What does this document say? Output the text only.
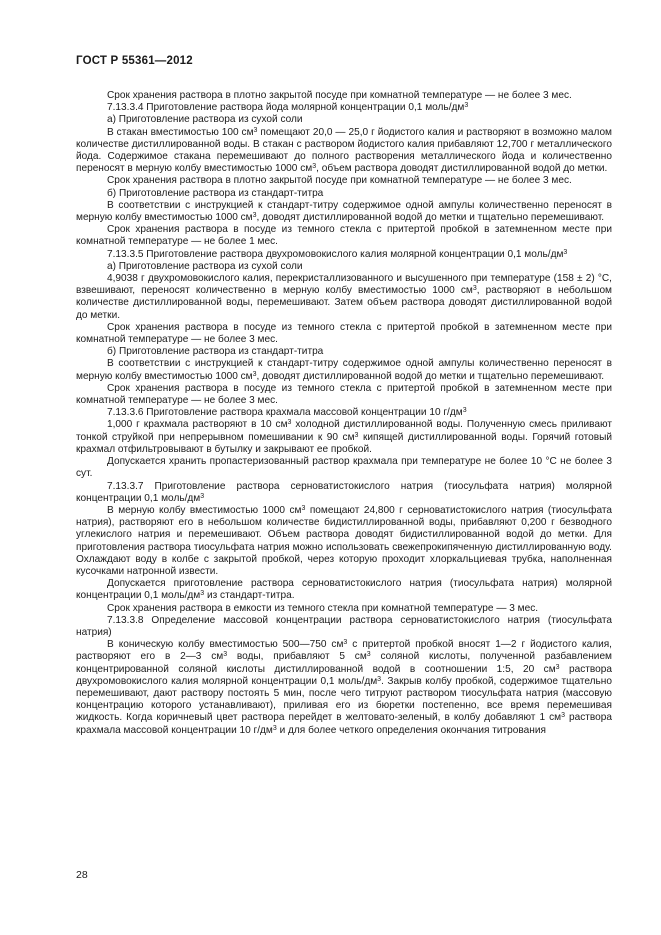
ГОСТ Р 55361—2012

Срок хранения раствора в плотно закрытой посуде при комнатной температуре — не более 3 мес.

7.13.3.4 Приготовление раствора йода молярной концентрации 0,1 моль/$дм^3$

а) Приготовление раствора из сухой соли

В стакан вместимостью 100 $см^3$ помещают 20,0 — 25,0 г йодистого калия и растворяют в возможно малом количестве дистиллированной воды. В стакан с раствором йодистого калия прибавляют 12,700 г металлического йода. Содержимое стакана перемешивают до полного растворения металлического йода и количественно переносят в мерную колбу вместимостью 1000 $см^3$, объем раствора доводят дистиллированной водой до метки.

Срок хранения раствора в плотно закрытой посуде при комнатной температуре — не более 3 мес.

б) Приготовление раствора из стандарт-титра

В соответствии с инструкцией к стандарт-титру содержимое одной ампулы количественно переносят в мерную колбу вместимостью 1000 $см^3$, доводят дистиллированной водой до метки и тщательно перемешивают.

Срок хранения раствора в посуде из темного стекла с притертой пробкой в затемненном месте при комнатной температуре — не более 1 мес.

7.13.3.5 Приготовление раствора двухромовокислого калия молярной концентрации 0,1 моль/$дм^3$

а) Приготовление раствора из сухой соли

4,9038 г двухромовокислого калия, перекристаллизованного и высушенного при температуре (158 ± 2) °С, взвешивают, переносят количественно в мерную колбу вместимостью 1000 $см^3$, растворяют в небольшом количестве дистиллированной воды, перемешивают. Затем объем раствора доводят дистиллированной водой до метки.

Срок хранения раствора в посуде из темного стекла с притертой пробкой в затемненном месте при комнатной температуре — не более 3 мес.

б) Приготовление раствора из стандарт-титра

В соответствии с инструкцией к стандарт-титру содержимое одной ампулы количественно переносят в мерную колбу вместимостью 1000 $см^3$, доводят дистиллированной водой до метки и тщательно перемешивают.

Срок хранения раствора в посуде из темного стекла с притертой пробкой в затемненном месте при комнатной температуре — не более 3 мес.

7.13.3.6 Приготовление раствора крахмала массовой концентрации 10 $г/дм^3$

1,000 г крахмала растворяют в 10 $см^3$ холодной дистиллированной воды. Полученную смесь приливают тонкой струйкой при непрерывном помешивании к 90 $см^3$ кипящей дистиллированной воды. Горячий готовый крахмал отфильтровывают в бутылку и закрывают ее пробкой.

Допускается хранить пропастеризованный раствор крахмала при температуре не более 10 °С не более 3 сут.

7.13.3.7 Приготовление раствора серноватистокислого натрия (тиосульфата натрия) молярной концентрации 0,1 моль/$дм^3$

В мерную колбу вместимостью 1000 $см^3$ помещают 24,800 г серноватистокислого натрия (тиосульфата натрия), растворяют его в небольшом количестве бидистиллированной воды, прибавляют 0,200 г безводного углекислого натрия и перемешивают. Объем раствора доводят бидистиллированной водой до метки. Для приготовления раствора тиосульфата натрия можно использовать свежепрокипяченную дистиллированную воду. Охлаждают воду в колбе с закрытой пробкой, через которую проходит хлоркальциевая трубка, наполненная кусочками натронной извести.

Допускается приготовление раствора серноватистокислого натрия (тиосульфата натрия) молярной концентрации 0,1 моль/$дм^3$ из стандарт-титра.

Срок хранения раствора в емкости из темного стекла при комнатной температуре — 3 мес.

7.13.3.8 Определение массовой концентрации раствора серноватистокислого натрия (тиосульфата натрия)

В коническую колбу вместимостью 500—750 $см^3$ с притертой пробкой вносят 1—2 г йодистого калия, растворяют его в 2—3 $см^3$ воды, прибавляют 5 $см^3$ соляной кислоты, полученной разбавлением концентрированной соляной кислоты дистиллированной водой в соотношении 1:5, 20 $см^3$ раствора двухромовокислого калия молярной концентрации 0,1 моль/$дм^3$. Закрыв колбу пробкой, содержимое тщательно перемешивают, дают раствору постоять 5 мин, после чего титруют раствором тиосульфата натрия (массовую концентрацию которого устанавливают), приливая его из бюретки постепенно, все время перемешивая жидкость. Когда коричневый цвет раствора перейдет в желтовато-зеленый, в колбу добавляют 1 $см^3$ раствора крахмала массовой концентрации 10 $г/дм^3$ и для более четкого определения окончания титрования

28
